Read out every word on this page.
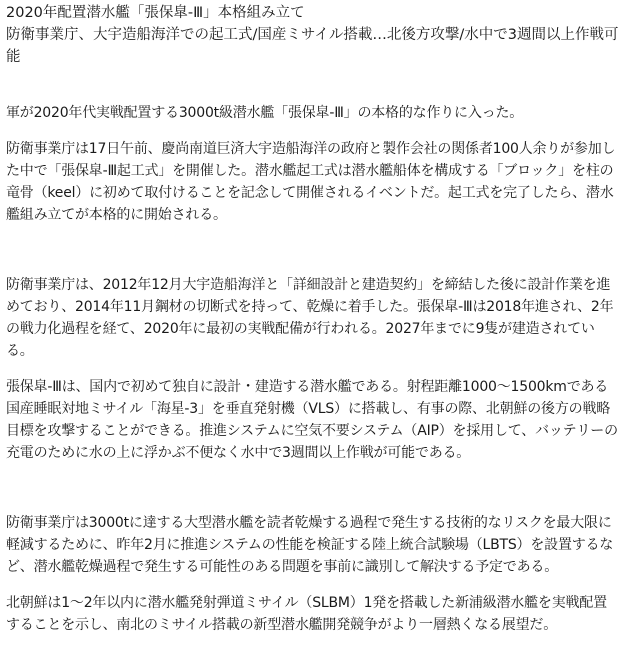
2020年配置潜水艦「張保皐-Ⅲ」本格組み立て
防衛事業庁、大宇造船海洋での起工式/国産ミサイル搭載…北後方攻撃/水中で3週間以上作戦可能

軍が2020年代実戦配置する3000t級潜水艦「張保皐-Ⅲ」の本格的な作りに入った。

防衛事業庁は17日午前、慶尚南道巨済大宇造船海洋の政府と製作会社の関係者100人余りが参加した中で「張保皐-Ⅲ起工式」を開催した。潜水艦起工式は潜水艦船体を構成する「ブロック」を柱の竜骨（keel）に初めて取付けることを記念して開催されるイベントだ。起工式を完了したら、潜水艦組み立てが本格的に開始される。

防衛事業庁は、2012年12月大宇造船海洋と「詳細設計と建造契約」を締結した後に設計作業を進めており、2014年11月鋼材の切断式を持って、乾燥に着手した。張保皐-Ⅲは2018年進され、2年の戦力化過程を経て、2020年に最初の実戦配備が行われる。2027年までに9隻が建造されている。

張保皐-Ⅲは、国内で初めて独自に設計・建造する潜水艦である。射程距離1000～1500kmである国産睡眠対地ミサイル「海星-3」を垂直発射機（VLS）に搭載し、有事の際、北朝鮮の後方の戦略目標を攻撃することができる。推進システムに空気不要システム（AIP）を採用して、バッテリーの充電のために水の上に浮かぶ不便なく水中で3週間以上作戦が可能である。

防衛事業庁は3000tに達する大型潜水艦を読者乾燥する過程で発生する技術的なリスクを最大限に軽減するために、昨年2月に推進システムの性能を検証する陸上統合試験場（LBTS）を設置するなど、潜水艦乾燥過程で発生する可能性のある問題を事前に識別して解決する予定である。

北朝鮮は1～2年以内に潜水艦発射弾道ミサイル（SLBM）1発を搭載した新浦級潜水艦を実戦配置することを示し、南北のミサイル搭載の新型潜水艦開発競争がより一層熱くなる展望だ。
